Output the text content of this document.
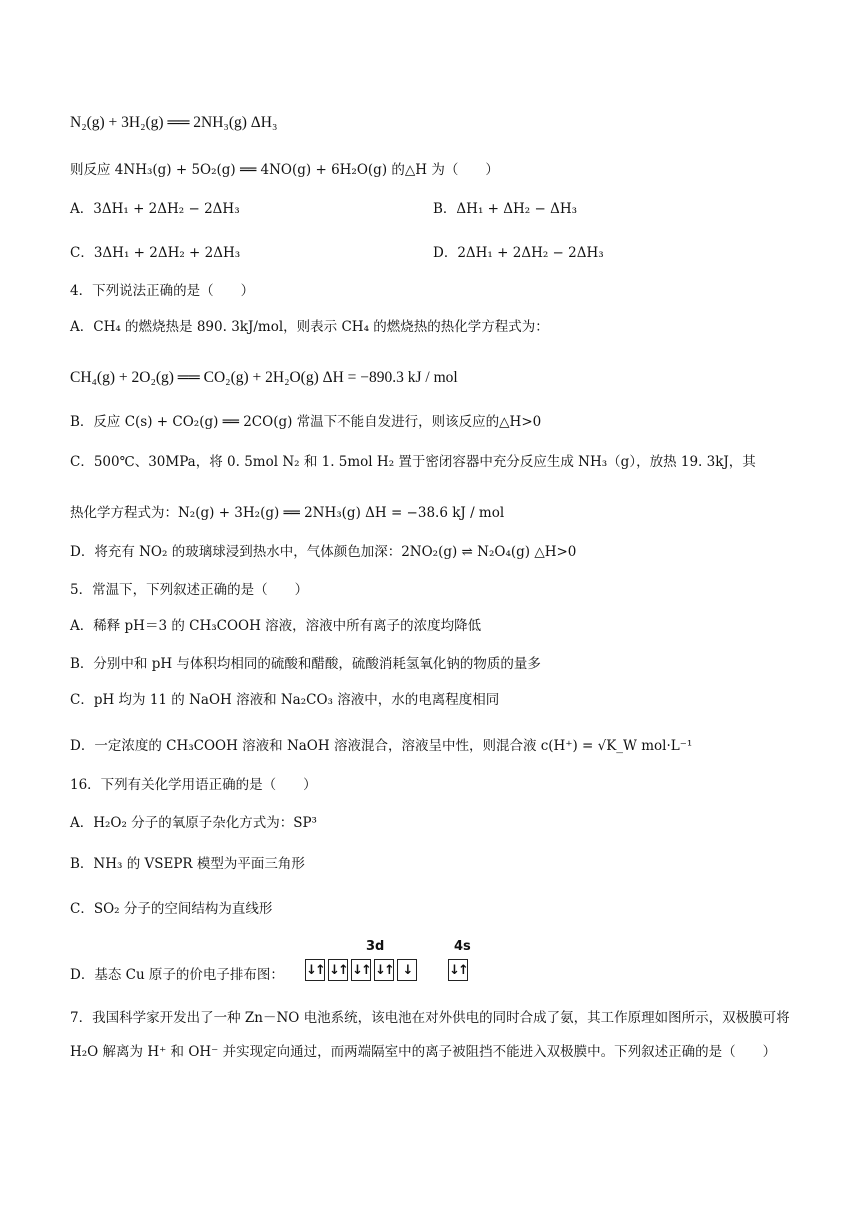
N₂(g) + 3H₂(g) ══ 2NH₃(g) ΔH₃
则反应 4NH₃(g) + 5O₂(g) ══ 4NO(g) + 6H₂O(g) 的△H 为（　　）
A．3ΔH₁ + 2ΔH₂ − 2ΔH₃	B．ΔH₁ + ΔH₂ − ΔH₃
C．3ΔH₁ + 2ΔH₂ + 2ΔH₃	D．2ΔH₁ + 2ΔH₂ − 2ΔH₃
4．下列说法正确的是（　　）
A．CH₄ 的燃烧热是 890. 3kJ/mol，则表示 CH₄ 的燃烧热的热化学方程式为：
CH₄(g) + 2O₂(g) ══ CO₂(g) + 2H₂O(g) ΔH = −890.3 kJ / mol
B．反应 C(s) + CO₂(g) ══ 2CO(g) 常温下不能自发进行，则该反应的△H>0
C．500℃、30MPa，将 0. 5mol N₂ 和 1. 5mol H₂ 置于密闭容器中充分反应生成 NH₃（g），放热 19. 3kJ，其
热化学方程式为：N₂(g) + 3H₂(g) ══ 2NH₃(g) ΔH = −38.6 kJ / mol
D．将充有 NO₂ 的玻璃球浸到热水中，气体颜色加深：2NO₂(g) ⇌ N₂O₄(g) △H>0
5．常温下，下列叙述正确的是（　　）
A．稀释 pH＝3 的 CH₃COOH 溶液，溶液中所有离子的浓度均降低
B．分别中和 pH 与体积均相同的硫酸和醋酸，硫酸消耗氢氧化钠的物质的量多
C．pH 均为 11 的 NaOH 溶液和 Na₂CO₃ 溶液中，水的电离程度相同
D．一定浓度的 CH₃COOH 溶液和 NaOH 溶液混合，溶液呈中性，则混合液 c(H⁺) = √K_W mol·L⁻¹
16．下列有关化学用语正确的是（　　）
A．H₂O₂ 分子的氧原子杂化方式为：SP³
B．NH₃ 的 VSEPR 模型为平面三角形
C．SO₂ 分子的空间结构为直线形
D．基态 Cu 原子的价电子排布图：
3d	4s
↓↑ ↓↑ ↓↑ ↓↑ ↓	↓↑
7．我国科学家开发出了一种 Zn－NO 电池系统，该电池在对外供电的同时合成了氨，其工作原理如图所示，双极膜可将 H₂O 解离为 H⁺ 和 OH⁻ 并实现定向通过，而两端隔室中的离子被阻挡不能进入双极膜中。下列叙述正确的是（　　）
